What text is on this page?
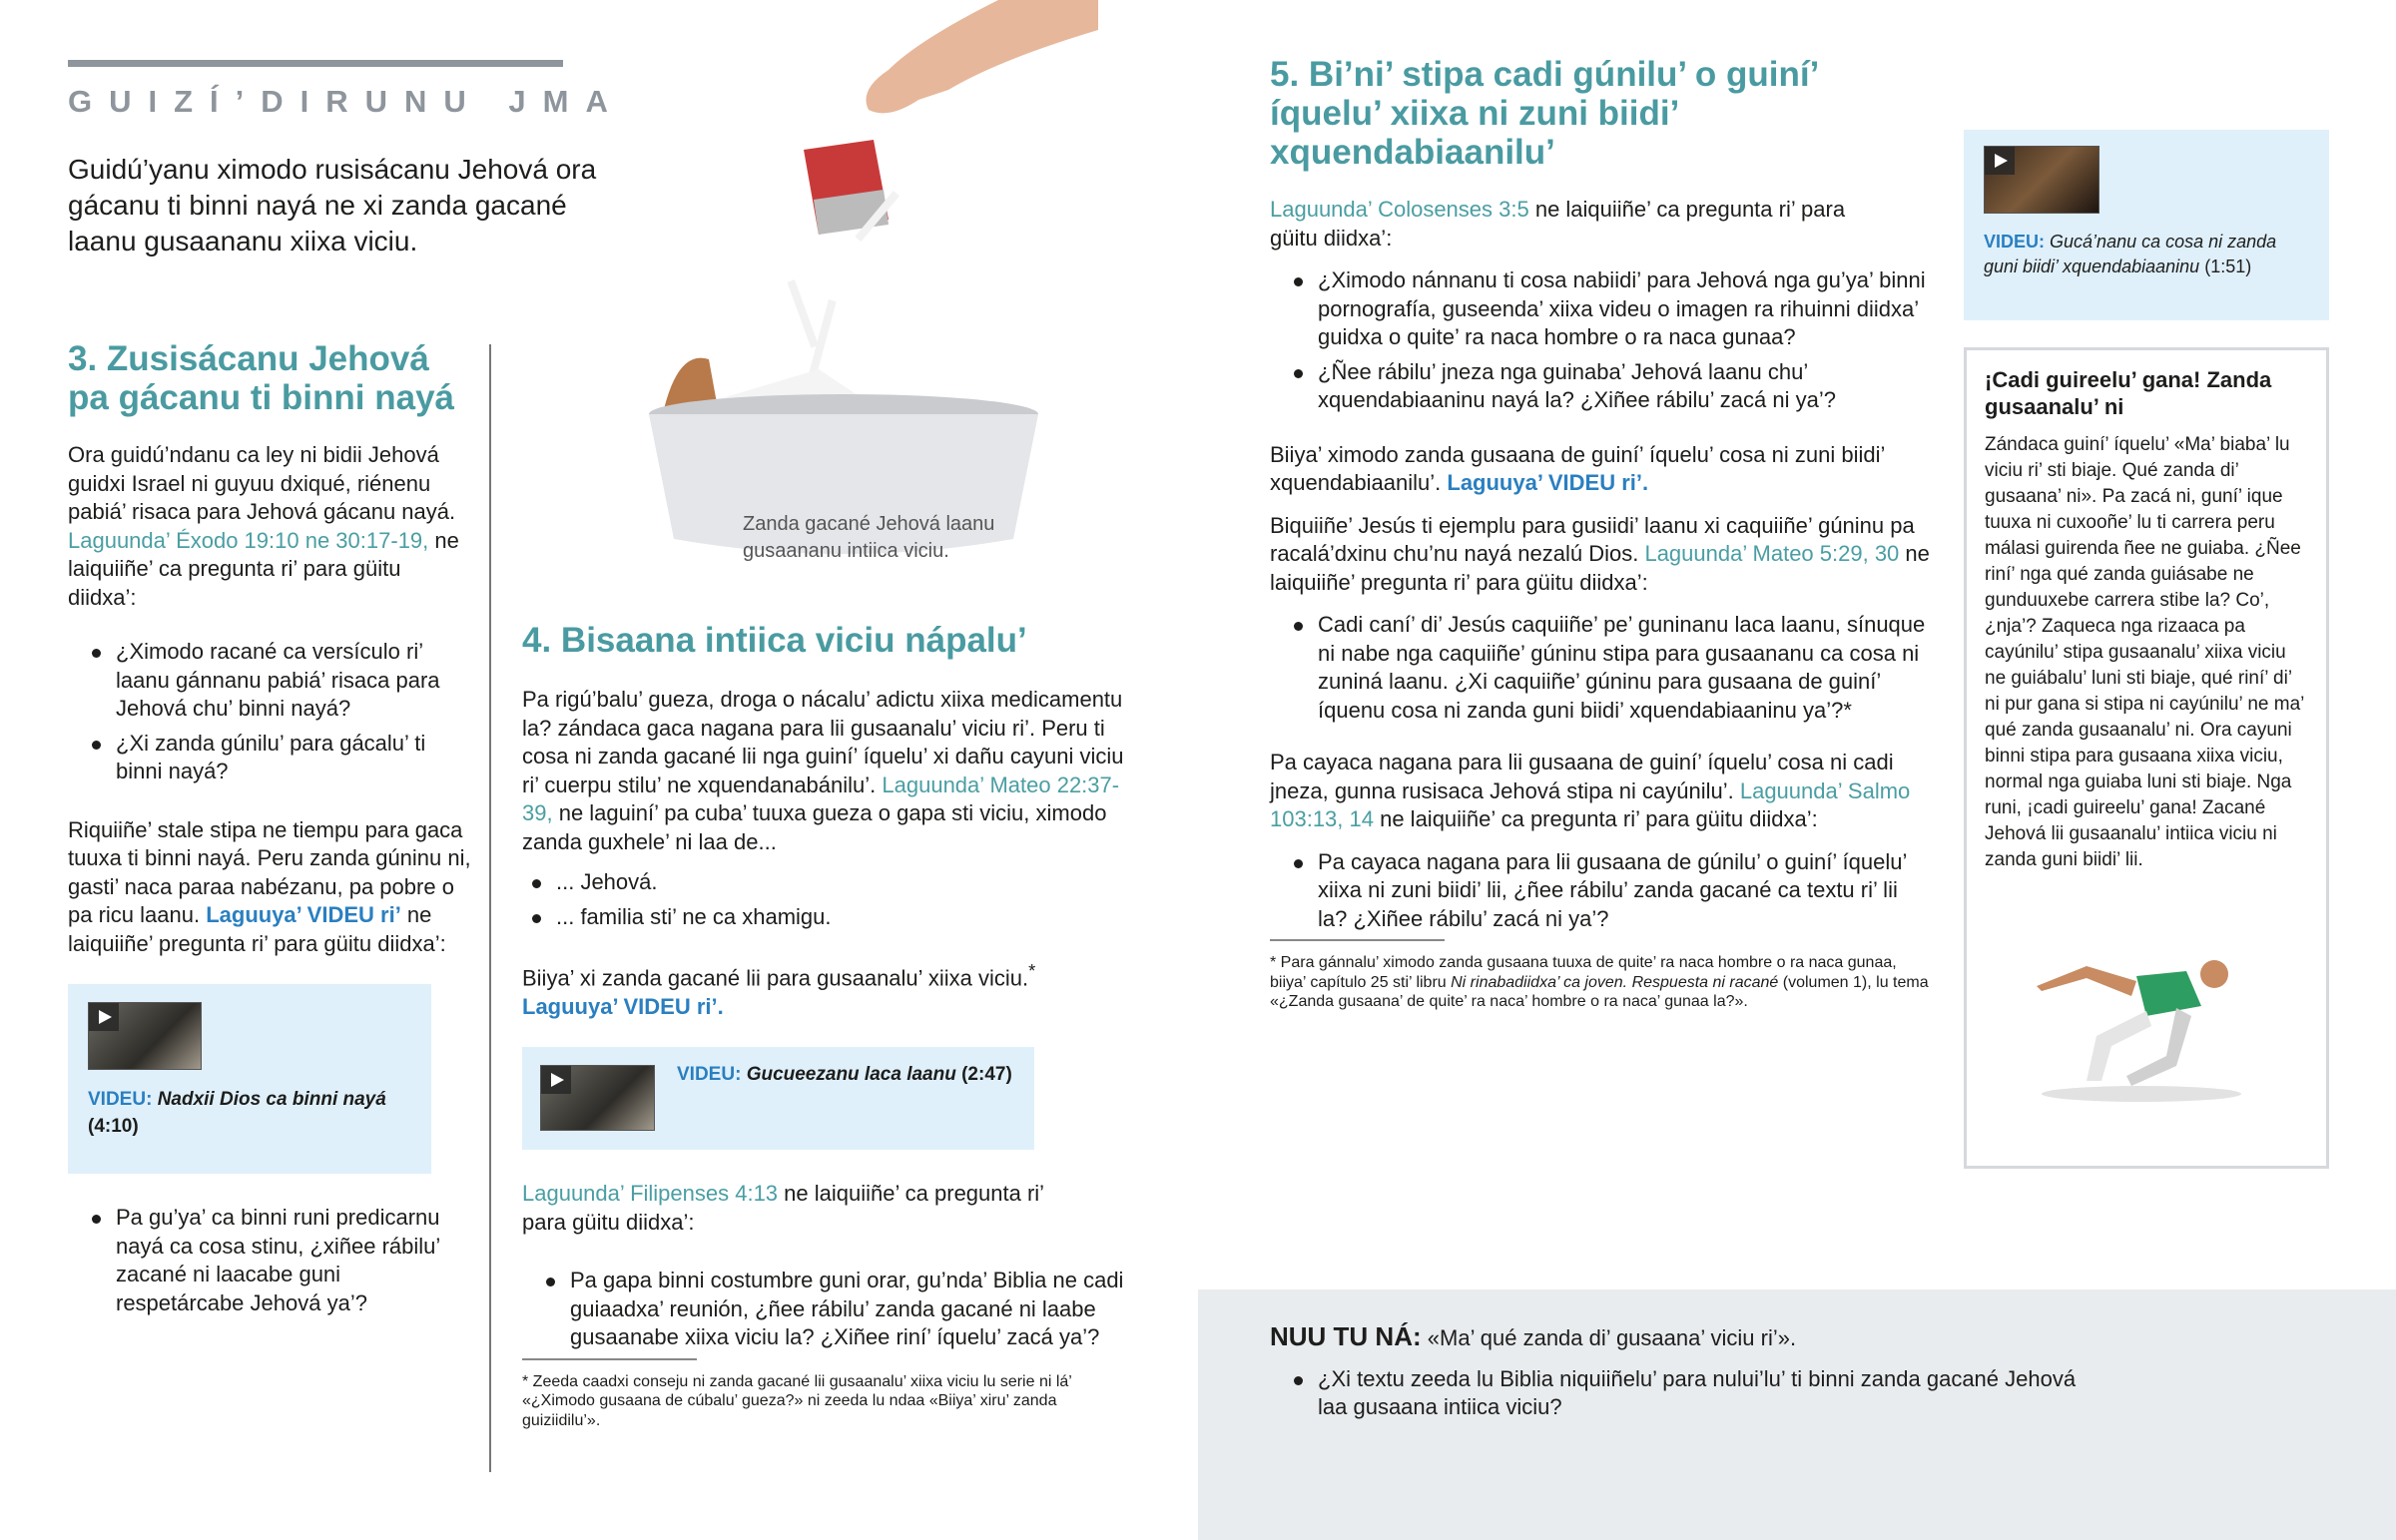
GUIZÍ’DIRUNU JMA
Guidú’yanu ximodo rusisácanu Jehová ora gácanu ti binni nayá ne xi zanda gacané laanu gusaananu xiixa viciu.
Zanda gacané Jehová laanu gusaananu intiica viciu.
3. Zusisácanu Jehová pa gácanu ti binni nayá

Ora guidú’ndanu ca ley ni bidii Jehová guidxi Israel ni guyuu dxiqué, riénenu pabiá’ risaca para Jehová gácanu nayá. Laguunda’ Éxodo 19:10 ne 30:17-19, ne laiquiiñe’ ca pregunta ri’ para güitu diidxa’:

¿Ximodo racané ca versículo ri’ laanu gánnanu pabiá’ risaca para Jehová chu’ binni nayá?
¿Xi zanda gúnilu’ para gácalu’ ti binni nayá?

Riquiiñe’ stale stipa ne tiempu para gaca tuuxa ti binni nayá. Peru zanda gúninu ni, gasti’ naca paraa nabézanu, pa pobre o pa ricu laanu. Laguuya’ VIDEU ri’ ne laiquiiñe’ pregunta ri’ para güitu diidxa’:

VIDEU: Nadxii Dios ca binni nayá
(4:10)
Pa gu’ya’ ca binni runi predicarnu nayá ca cosa stinu, ¿xiñee rábilu’ zacané ni laacabe guni respetárcabe Jehová ya’?
4. Bisaana intiica viciu nápalu’

Pa rigú’balu’ gueza, droga o nácalu’ adictu xiixa medicamentu la? zándaca gaca nagana para lii gusaanalu’ viciu ri’. Peru ti cosa ni zanda gacané lii nga guiní’ íquelu’ xi dañu cayuni viciu ri’ cuerpu stilu’ ne xquendanabánilu’. Laguunda’ Mateo 22:37-39, ne laguiní’ pa cuba’ tuuxa gueza o gapa sti viciu, ximodo zanda guxhele’ ni laa de...

... Jehová.
... familia sti’ ne ca xhamigu.

Biiya’ xi zanda gacané lii para gusaanalu’ xiixa viciu.*
Laguuya’ VIDEU ri’.

VIDEU: Gucueezanu laca laanu (2:47)

Laguunda’ Filipenses 4:13 ne laiquiiñe’ ca pregunta ri’ para güitu diidxa’:

Pa gapa binni costumbre guni orar, gu’nda’ Biblia ne cadi guiaadxa’ reunión, ¿ñee rábilu’ zanda gacané ni laabe gusaanabe xiixa viciu la? ¿Xiñee riní’ íquelu’ zacá ya’?
* Zeeda caadxi conseju ni zanda gacané lii gusaanalu’ xiixa viciu lu serie ni lá’ «¿Ximodo gusaana de cúbalu’ gueza?» ni zeeda lu ndaa «Biiya’ xiru’ zanda guiziidilu’».
5. Bi’ni’ stipa cadi gúnilu’ o guiní’ íquelu’ xiixa ni zuni biidi’ xquendabiaanilu’

Laguunda’ Colosenses 3:5 ne laiquiiñe’ ca pregunta ri’ para güitu diidxa’:

¿Ximodo nánnanu ti cosa nabiidi’ para Jehová nga gu’ya’ binni pornografía, guseenda’ xiixa videu o imagen ra rihuinni diidxa’ guidxa o quite’ ra naca hombre o ra naca gunaa?
¿Ñee rábilu’ jneza nga guinaba’ Jehová laanu chu’ xquendabiaaninu nayá la? ¿Xiñee rábilu’ zacá ni ya’?

Biiya’ ximodo zanda gusaana de guiní’ íquelu’ cosa ni zuni biidi’ xquendabiaanilu’. Laguuya’ VIDEU ri’.

Biquiiñe’ Jesús ti ejemplu para gusiidi’ laanu xi caquiiñe’ gúninu pa racalá’dxinu chu’nu nayá nezalú Dios. Laguunda’ Mateo 5:29, 30 ne laiquiiñe’ pregunta ri’ para güitu diidxa’:

Cadi caní’ di’ Jesús caquiiñe’ pe’ guninanu laca laanu, sínuque ni nabe nga caquiiñe’ gúninu stipa para gusaananu ca cosa ni zuniná laanu. ¿Xi caquiiñe’ gúninu para gusaana de guiní’ íquenu cosa ni zanda guni biidi’ xquendabiaaninu ya’?*

Pa cayaca nagana para lii gusaana de guiní’ íquelu’ cosa ni cadi jneza, gunna rusisaca Jehová stipa ni cayúnilu’. Laguunda’ Salmo 103:13, 14 ne laiquiiñe’ ca pregunta ri’ para güitu diidxa’:

Pa cayaca nagana para lii gusaana de gúnilu’ o guiní’ íquelu’ xiixa ni zuni biidi’ lii, ¿ñee rábilu’ zanda gacané ca textu ri’ lii la? ¿Xiñee rábilu’ zacá ni ya’?
* Para gánnalu’ ximodo zanda gusaana tuuxa de quite’ ra naca hombre o ra naca gunaa, biiya’ capítulo 25 sti’ libru Ni rinabadiidxa’ ca joven. Respuesta ni racané (volumen 1), lu tema «¿Zanda gusaana’ de quite’ ra naca’ hombre o ra naca’ gunaa la?».
VIDEU: Gucá’nanu ca cosa ni zanda guni biidi’ xquendabiaaninu (1:51)
¡Cadi guireelu’ gana! Zanda gusaanalu’ ni

Zándaca guiní’ íquelu’ «Ma’ biaba’ lu viciu ri’ sti biaje. Qué zanda di’ gusaana’ ni». Pa zacá ni, guní’ ique tuuxa ni cuxooñe’ lu ti carrera peru málasi guirenda ñee ne guiaba. ¿Ñee riní’ nga qué zanda guiásabe ne gunduuxebe carrera stibe la? Co’, ¿nja’? Zaqueca nga rizaaca pa cayúnilu’ stipa gusaanalu’ xiixa viciu ne guiábalu’ luni sti biaje, qué riní’ di’ ni pur gana si stipa ni cayúnilu’ ne ma’ qué zanda gusaanalu’ ni. Ora cayuni binni stipa para gusaana xiixa viciu, normal nga guiaba luni sti biaje. Nga runi, ¡cadi guireelu’ gana! Zacané Jehová lii gusaanalu’ intiica viciu ni zanda guni biidi’ lii.

NUU TU NÁ: «Ma’ qué zanda di’ gusaana’ viciu ri’».
¿Xi textu zeeda lu Biblia niquiiñelu’ para nului’lu’ ti binni zanda gacané Jehová laa gusaana intiica viciu?
